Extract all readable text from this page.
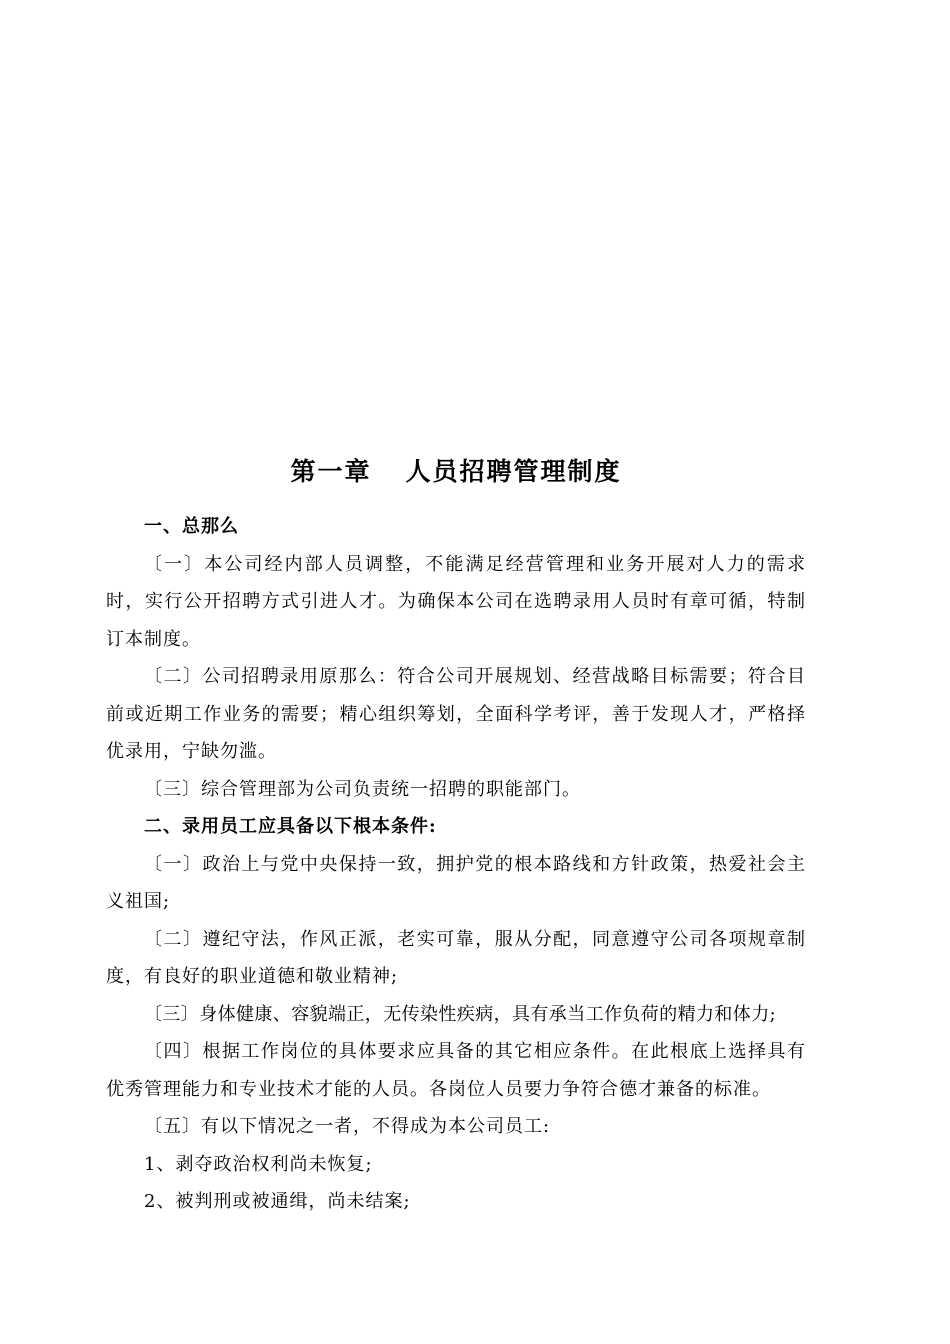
第一章 人员招聘管理制度

一、总那么

〔一〕本公司经内部人员调整，不能满足经营管理和业务开展对人力的需求时，实行公开招聘方式引进人才。为确保本公司在选聘录用人员时有章可循，特制订本制度。

〔二〕公司招聘录用原那么：符合公司开展规划、经营战略目标需要；符合目前或近期工作业务的需要；精心组织筹划，全面科学考评，善于发现人才，严格择优录用，宁缺勿滥。

〔三〕综合管理部为公司负责统一招聘的职能部门。

二、录用员工应具备以下根本条件:

〔一〕政治上与党中央保持一致，拥护党的根本路线和方针政策，热爱社会主义祖国;

〔二〕遵纪守法，作风正派，老实可靠，服从分配，同意遵守公司各项规章制度，有良好的职业道德和敬业精神;

〔三〕身体健康、容貌端正，无传染性疾病，具有承当工作负荷的精力和体力;

〔四〕根据工作岗位的具体要求应具备的其它相应条件。在此根底上选择具有优秀管理能力和专业技术才能的人员。各岗位人员要力争符合德才兼备的标准。

〔五〕有以下情况之一者，不得成为本公司员工:

1、剥夺政治权利尚未恢复;

2、被判刑或被通缉，尚未结案;
